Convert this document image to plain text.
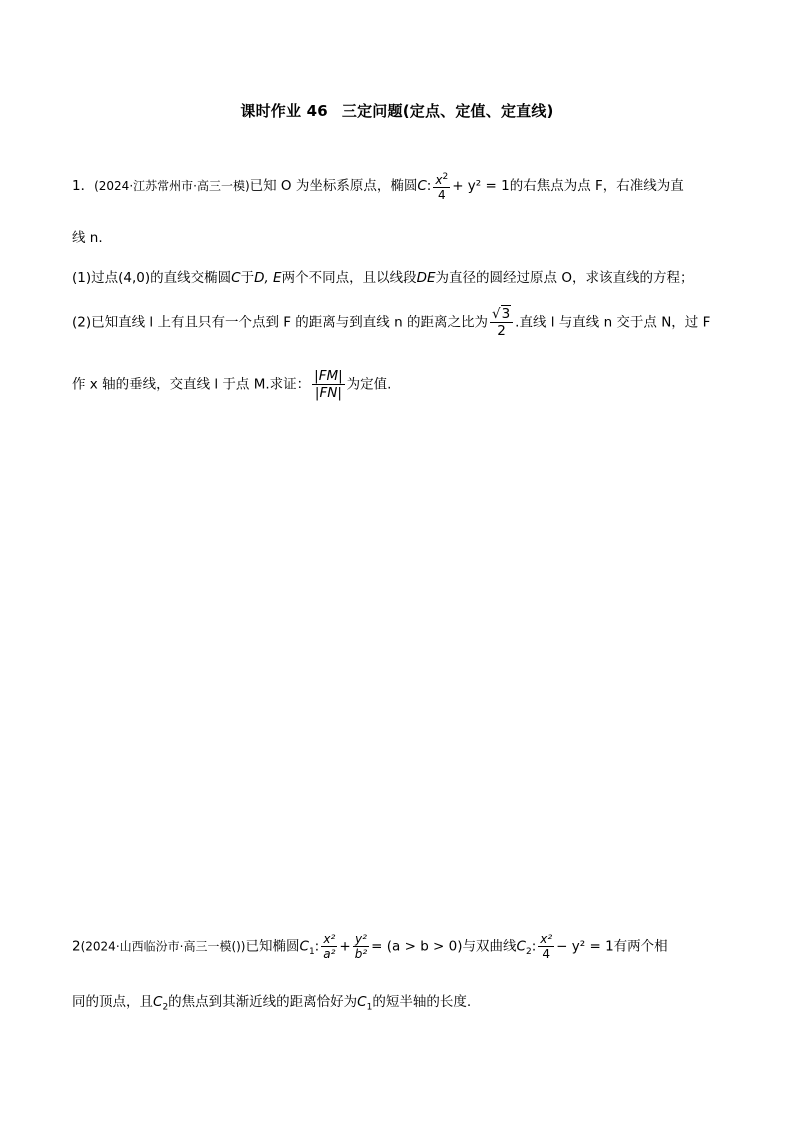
课时作业 46 三定问题(定点、定值、定直线)
1．(2024·江苏常州市·高三一模)已知 O 为坐标系原点，椭圆C: $\frac{x^2}{4} + y^2 = 1$的右焦点为点 F，右准线为直
线 n.
(1)过点(4,0)的直线交椭圆C于D, E两个不同点，且以线段DE为直径的圆经过原点 O，求该直线的方程；
(2)已知直线 l 上有且只有一个点到 F 的距离与到直线 n 的距离之比为 $\frac{√3}{2}$ .直线 l 与直线 n 交于点 N，过 F
作 x 轴的垂线，交直线 l 于点 M.求证： $\frac{|FM|}{|FN|}$ 为定值.
2(2024·山西临汾市·高三一模())已知椭圆$C_1$: $\frac{\text{x²}}{\text{a²}} + \frac{\text{y²}}{\text{b²}} = (a > b > 0)$与双曲线$C_2$: $\frac{\text{x²}}{4} - y^2 = 1$有两个相
同的顶点，且$C_2$的焦点到其渐近线的距离恰好为$C_1$的短半轴的长度.
